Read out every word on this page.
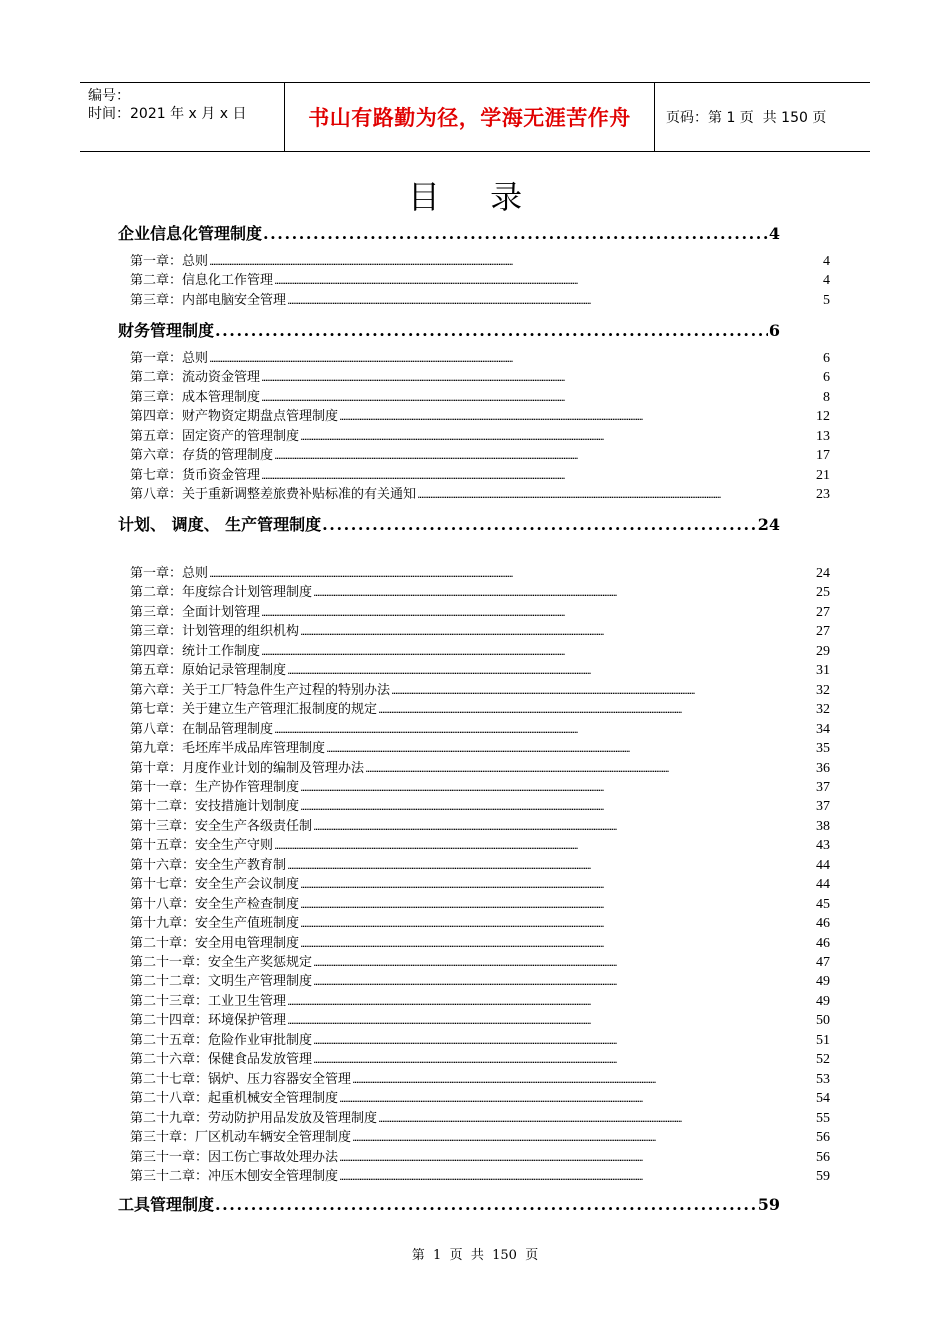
编号：
时间：2021 年 x 月 x 日	书山有路勤为径，学海无涯苦作舟	页码：第 1 页  共 150 页
目 录
企业信息化管理制度 . . .	4
第一章：总则 . . .	4
第二章：信息化工作管理 . . .	4
第三章：内部电脑安全管理 . . .	5
财务管理制度 . . .	6
第一章：总则 . . .	6
第二章：流动资金管理 . . .	6
第三章：成本管理制度 . . .	8
第四章：财产物资定期盘点管理制度 . . .	12
第五章：固定资产的管理制度 . . .	13
第六章：存货的管理制度 . . .	17
第七章：货币资金管理 . . .	21
第八章：关于重新调整差旅费补贴标准的有关通知 . . .	23
计划、 调度、 生产管理制度 . . .	24
第一章：总则 . . .	24
第二章：年度综合计划管理制度 . . .	25
第三章：全面计划管理 . . .	27
第三章：计划管理的组织机构 . . .	27
第四章：统计工作制度 . . .	29
第五章：原始记录管理制度 . . .	31
第六章：关于工厂特急件生产过程的特别办法 . . .	32
第七章：关于建立生产管理汇报制度的规定 . . .	32
第八章：在制品管理制度 . . .	34
第九章：毛坯库半成品库管理制度 . . .	35
第十章：月度作业计划的编制及管理办法 . . .	36
第十一章：生产协作管理制度 . . .	37
第十二章：安技措施计划制度 . . .	37
第十三章：安全生产各级责任制 . . .	38
第十五章：安全生产守则 . . .	43
第十六章：安全生产教育制 . . .	44
第十七章：安全生产会议制度 . . .	44
第十八章：安全生产检查制度 . . .	45
第十九章：安全生产值班制度 . . .	46
第二十章：安全用电管理制度 . . .	46
第二十一章：安全生产奖惩规定 . . .	47
第二十二章：文明生产管理制度 . . .	49
第二十三章：工业卫生管理 . . .	49
第二十四章：环境保护管理 . . .	50
第二十五章：危险作业审批制度 . . .	51
第二十六章：保健食品发放管理 . . .	52
第二十七章：锅炉、压力容器安全管理 . . .	53
第二十八章：起重机械安全管理制度 . . .	54
第二十九章：劳动防护用品发放及管理制度 . . .	55
第三十章：厂区机动车辆安全管理制度 . . .	56
第三十一章：因工伤亡事故处理办法 . . .	56
第三十二章：冲压木刨安全管理制度 . . .	59
工具管理制度 . . .	59
第  1  页  共  150  页
